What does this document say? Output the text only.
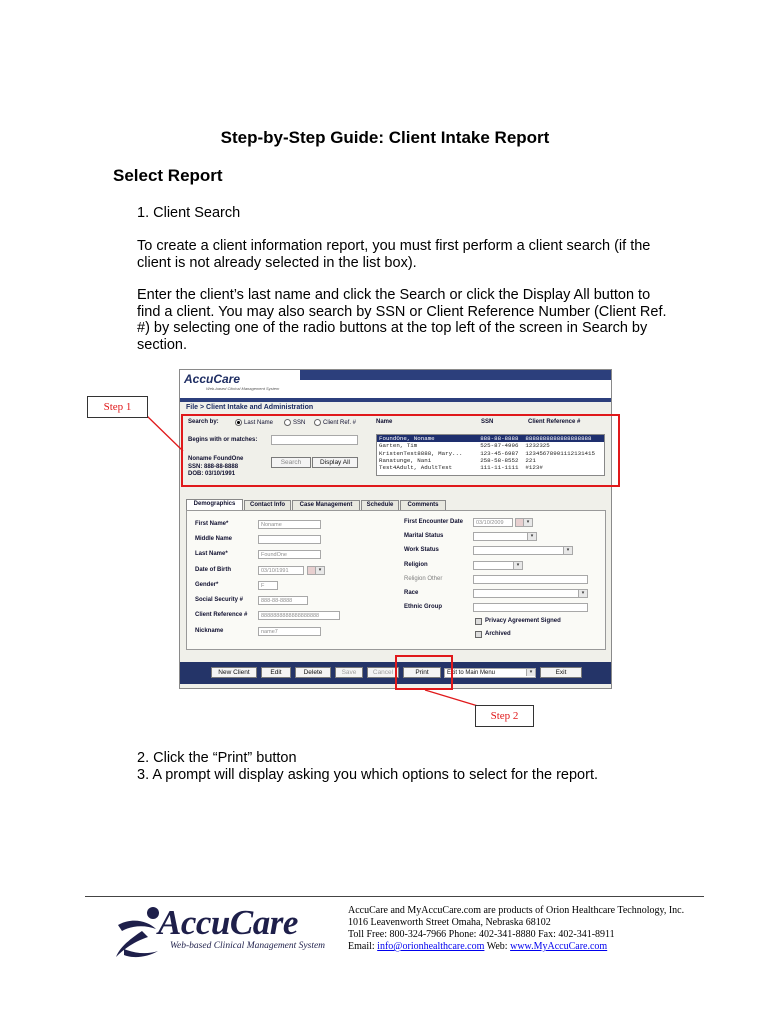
Step-by-Step Guide: Client Intake Report
Select Report
1. Client Search
To create a client information report, you must first perform a client search (if the client is not already selected in the list box).
Enter the client’s last name and click the Search or click the Display All button to find a client. You may also search by SSN or Client Reference Number (Client Ref. #) by selecting one of the radio buttons at the top left of the screen in Search by section.
AccuCare
Web-based Clinical Management System
File > Client Intake and Administration
Search by:	Last Name	SSN	Client Ref. #
Begins with or matches:
Noname FoundOne
SSN: 888-88-8888
DOB: 03/10/1991
Search	Display All
Name	SSN	Client Reference #
FoundOne, Noname	888-88-8888	8888888888888888888
Garten, Tim	525-87-4996	1232325
KristenTest8888, Mary...	123-45-6987	12345678901112131415
Ranatunge, Nani	258-58-8552	221
Test4Adult, AdultTest	111-11-1111	#123#
Demographics	Contact Info	Case Management	Schedule	Comments
First Name*	Noname
Middle Name
Last Name*	FoundOne
Date of Birth	03/10/1991	▾
Gender*	F
Social Security #	888-88-8888
Client Reference #	8888888888888888888
Nickname	name7
First Encounter Date	03/10/2009	▾
Marital Status	▾
Work Status	▾
Religion	▾
Religion Other
Race	▾
Ethnic Group
Privacy Agreement Signed
Archived
New Client	Edit	Delete	Save	Cancel	Print	Exit to Main Menu	▾	Exit
Step 1
Step 2
2. Click the “Print” button
3. A prompt will display asking you which options to select for the report.
AccuCare
Web-based Clinical Management System
AccuCare and MyAccuCare.com are products of Orion Healthcare Technology, Inc.
1016 Leavenworth Street Omaha, Nebraska 68102
Toll Free: 800-324-7966 Phone: 402-341-8880 Fax: 402-341-8911
Email: info@orionhealthcare.com Web: www.MyAccuCare.com
